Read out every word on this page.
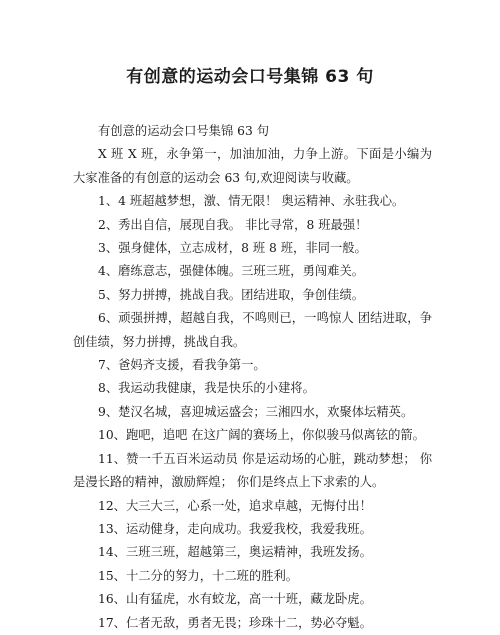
有创意的运动会口号集锦 63 句

有创意的运动会口号集锦 63 句

X 班 X 班，永争第一，加油加油，力争上游。下面是小编为大家准备的有创意的运动会 63 句,欢迎阅读与收藏。

1、4 班超越梦想，激、情无限！ 奥运精神、永驻我心。

2、秀出自信，展现自我。 非比寻常，8 班最强！

3、强身健体，立志成材，8 班 8 班，非同一般。

4、磨练意志，强健体魄。三班三班，勇闯难关。

5、努力拼搏，挑战自我。团结进取，争创佳绩。

6、顽强拼搏，超越自我，不鸣则已，一鸣惊人 团结进取，争创佳绩，努力拼搏，挑战自我。

7、爸妈齐支援，看我争第一。

8、我运动我健康，我是快乐的小建将。

9、楚汉名城，喜迎城运盛会；三湘四水，欢聚体坛精英。

10、跑吧，追吧 在这广阔的赛场上，你似骏马似离铉的箭。

11、赞一千五百米运动员 你是运动场的心脏，跳动梦想； 你是漫长路的精神，激励辉煌； 你们是终点上下求索的人。

12、大三大三，心系一处，追求卓越，无悔付出！

13、运动健身，走向成功。我爱我校，我爱我班。

14、三班三班，超越第三，奥运精神，我班发扬。

15、十二分的努力，十二班的胜利。

16、山有猛虎，水有蛟龙，高一十班，藏龙卧虎。

17、仁者无敌，勇者无畏；珍珠十二，势必夺魁。
